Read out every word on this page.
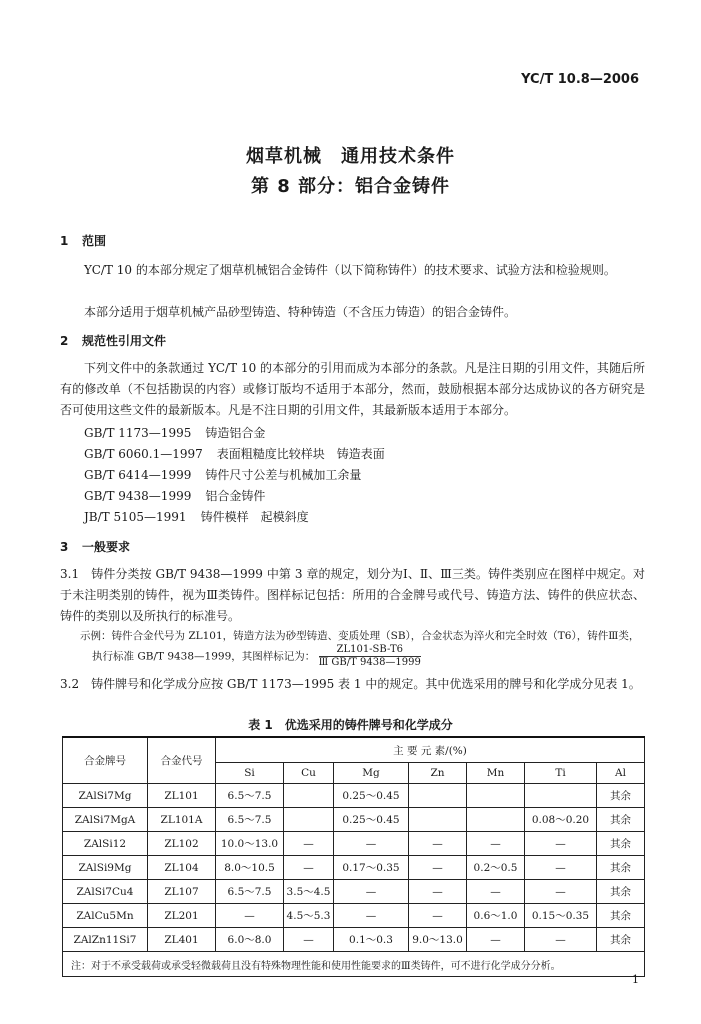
YC/T 10.8—2006
烟草机械　通用技术条件
第 8 部分：铝合金铸件
1 范围
YC/T 10 的本部分规定了烟草机械铝合金铸件（以下简称铸件）的技术要求、试验方法和检验规则。
本部分适用于烟草机械产品砂型铸造、特种铸造（不含压力铸造）的铝合金铸件。
2 规范性引用文件
下列文件中的条款通过 YC/T 10 的本部分的引用而成为本部分的条款。凡是注日期的引用文件，其随后所有的修改单（不包括勘误的内容）或修订版均不适用于本部分，然而，鼓励根据本部分达成协议的各方研究是否可使用这些文件的最新版本。凡是不注日期的引用文件，其最新版本适用于本部分。
GB/T 1173—1995 铸造铝合金
GB/T 6060.1—1997 表面粗糙度比较样块　铸造表面
GB/T 6414—1999 铸件尺寸公差与机械加工余量
GB/T 9438—1999 铝合金铸件
JB/T 5105—1991 铸件模样　起模斜度
3 一般要求
3.1　铸件分类按 GB/T 9438—1999 中第 3 章的规定，划分为Ⅰ、Ⅱ、Ⅲ三类。铸件类别应在图样中规定。对于未注明类别的铸件，视为Ⅲ类铸件。图样标记包括：所用的合金牌号或代号、铸造方法、铸件的供应状态、铸件的类别以及所执行的标准号。
示例：铸件合金代号为 ZL101，铸造方法为砂型铸造、变质处理（SB），合金状态为淬火和完全时效（T6），铸件Ⅲ类，
执行标准 GB/T 9438—1999，其图样标记为： $\frac{ZL101-SB-T6}{\text{Ⅲ GB/T 9438—1999}}$
3.2　铸件牌号和化学成分应按 GB/T 1173—1995 表 1 中的规定。其中优选采用的牌号和化学成分见表 1。
表 1　优选采用的铸件牌号和化学成分
合金牌号	合金代号	主 要 元 素/(%)						
		Si	Cu	Mg	Zn	Mn	Ti	Al
ZAlSi7Mg	ZL101	6.5～7.5		0.25～0.45				其余
ZAlSi7MgA	ZL101A	6.5～7.5		0.25～0.45			0.08～0.20	其余
ZAlSi12	ZL102	10.0～13.0	—	—	—	—	—	其余
ZAlSi9Mg	ZL104	8.0～10.5	—	0.17～0.35	—	0.2～0.5	—	其余
ZAlSi7Cu4	ZL107	6.5～7.5	3.5～4.5	—	—	—	—	其余
ZAlCu5Mn	ZL201	—	4.5～5.3	—	—	0.6～1.0	0.15～0.35	其余
ZAlZn11Si7	ZL401	6.0～8.0	—	0.1～0.3	9.0～13.0	—	—	其余
注：对于不承受载荷或承受轻微载荷且没有特殊物理性能和使用性能要求的Ⅲ类铸件，可不进行化学成分分析。								
1
